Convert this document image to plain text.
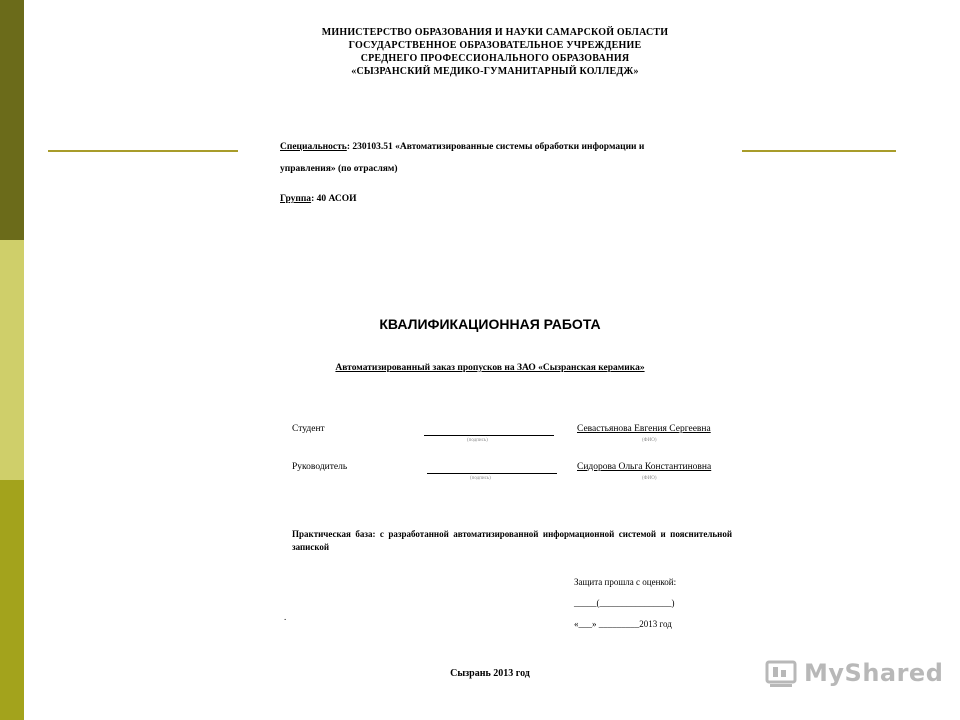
МИНИСТЕРСТВО ОБРАЗОВАНИЯ И НАУКИ САМАРСКОЙ ОБЛАСТИ
ГОСУДАРСТВЕННОЕ ОБРАЗОВАТЕЛЬНОЕ УЧРЕЖДЕНИЕ
СРЕДНЕГО ПРОФЕССИОНАЛЬНОГО ОБРАЗОВАНИЯ
«СЫЗРАНСКИЙ МЕДИКО-ГУМАНИТАРНЫЙ КОЛЛЕДЖ»
Специальность: 230103.51 «Автоматизированные системы обработки информации и
управления» (по отраслям)
Группа: 40 АСОИ
КВАЛИФИКАЦИОННАЯ РАБОТА
Автоматизированный заказ пропусков на ЗАО «Сызранская керамика»
Студент
(подпись)
Севастьянова Евгения Сергеевна
(ФИО)
Руководитель
(подпись)
Сидорова Ольга Константиновна
(ФИО)
Практическая база: с разработанной автоматизированной информационной системой и пояснительной запиской
Защита прошла с оценкой:
_____(________________)
«___» _________2013 год
.
Сызрань 2013 год	MyShared
